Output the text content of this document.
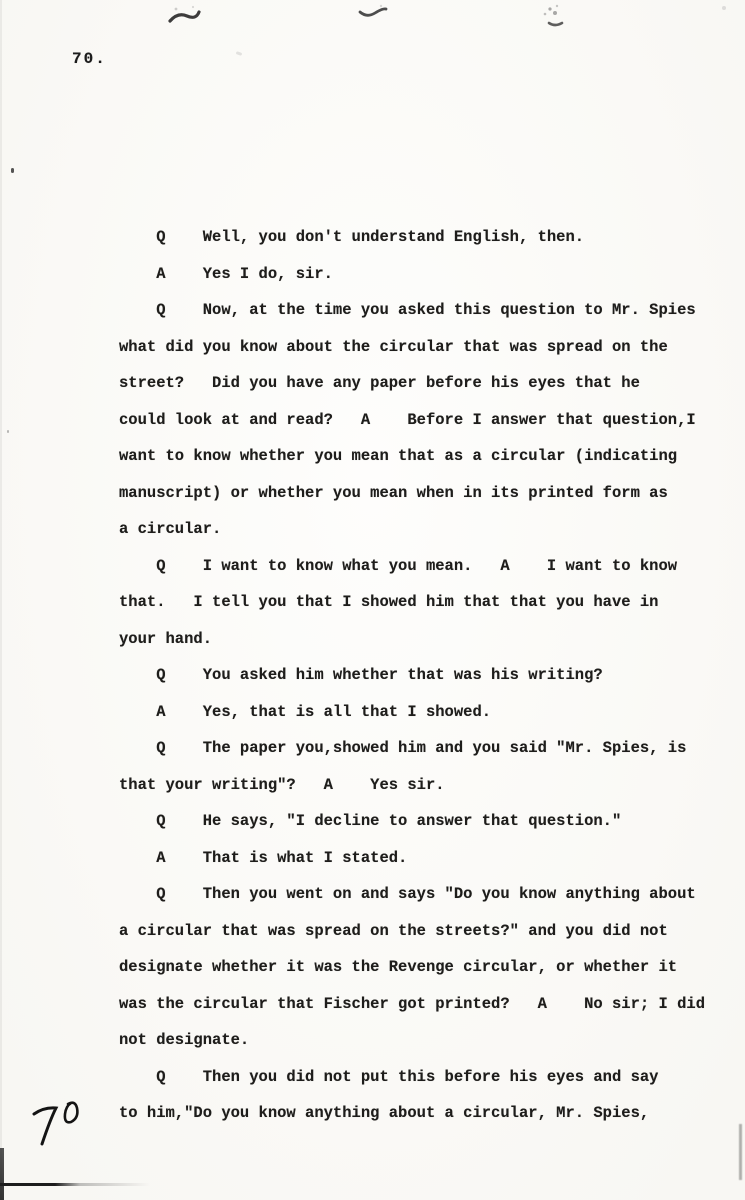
70.
Q    Well, you don't understand English, then.
A    Yes I do, sir.
Q    Now, at the time you asked this question to Mr. Spies
what did you know about the circular that was spread on the
street?   Did you have any paper before his eyes that he
could look at and read?   A    Before I answer that question,I
want to know whether you mean that as a circular (indicating
manuscript) or whether you mean when in its printed form as
a circular.
Q    I want to know what you mean.   A    I want to know
that.   I tell you that I showed him that that you have in
your hand.
Q    You asked him whether that was his writing?
A    Yes, that is all that I showed.
Q    The paper you,showed him and you said "Mr. Spies, is
that your writing"?   A    Yes sir.
Q    He says, "I decline to answer that question."
A    That is what I stated.
Q    Then you went on and says "Do you know anything about
a circular that was spread on the streets?" and you did not
designate whether it was the Revenge circular, or whether it
was the circular that Fischer got printed?   A    No sir; I did
not designate.
Q    Then you did not put this before his eyes and say
to him,"Do you know anything about a circular, Mr. Spies,
